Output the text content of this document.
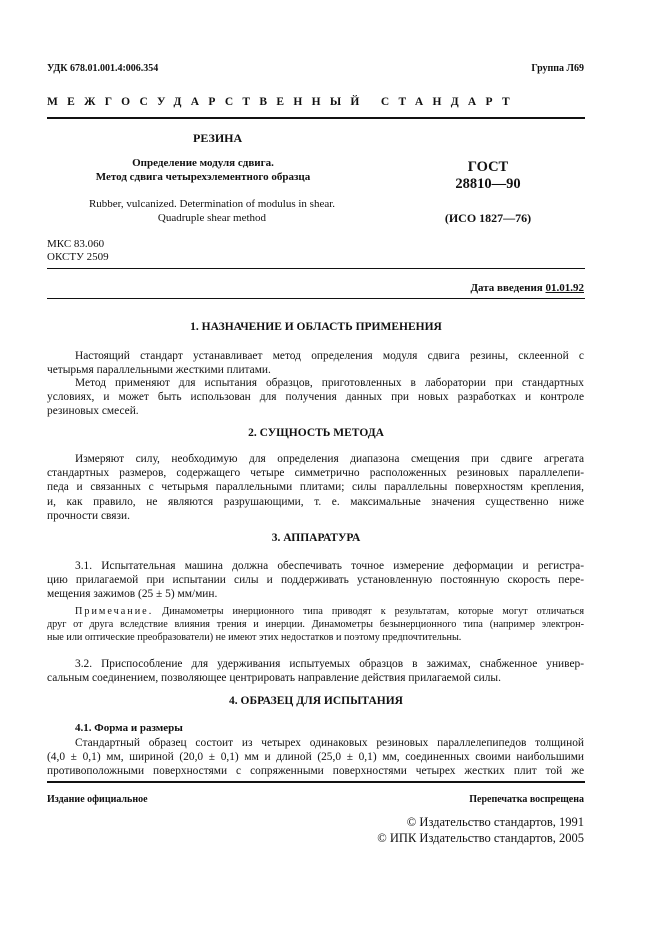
УДК 678.01.001.4:006.354	Группа Л69
МЕЖГОСУДАРСТВЕННЫЙ СТАНДАРТ
РЕЗИНА
Определение модуля сдвига.
Метод сдвига четырехэлементного образца
Rubber, vulcanized. Determination of modulus in shear.
Quadruple shear method
ГОСТ
28810—90
(ИСО 1827—76)
МКС 83.060
ОКСТУ 2509
Дата введения 01.01.92
1. НАЗНАЧЕНИЕ И ОБЛАСТЬ ПРИМЕНЕНИЯ
Настоящий стандарт устанавливает метод определения модуля сдвига резины, склеенной с
четырьмя параллельными жесткими плитами.
Метод применяют для испытания образцов, приготовленных в лаборатории при стандартных
условиях, и может быть использован для получения данных при новых разработках и контроле
резиновых смесей.
2. СУЩНОСТЬ МЕТОДА
Измеряют силу, необходимую для определения диапазона смещения при сдвиге агрегата
стандартных размеров, содержащего четыре симметрично расположенных резиновых параллелепи-
педа и связанных с четырьмя параллельными плитами; силы параллельны поверхностям крепления,
и, как правило, не являются разрушающими, т. е. максимальные значения существенно ниже
прочности связи.
3. АППАРАТУРА
3.1. Испытательная машина должна обеспечивать точное измерение деформации и регистра-
цию прилагаемой при испытании силы и поддерживать установленную постоянную скорость пере-
мещения зажимов (25 ± 5) мм/мин.
Примечание. Динамометры инерционного типа приводят к результатам, которые могут отличаться
друг от друга вследствие влияния трения и инерции. Динамометры безынерционного типа (например электрон-
ные или оптические преобразователи) не имеют этих недостатков и поэтому предпочтительны.
3.2. Приспособление для удерживания испытуемых образцов в зажимах, снабженное универ-
сальным соединением, позволяющее центрировать направление действия прилагаемой силы.
4. ОБРАЗЕЦ ДЛЯ ИСПЫТАНИЯ
4.1. Форма и размеры
Стандартный образец состоит из четырех одинаковых резиновых параллелепипедов толщиной
(4,0 ± 0,1) мм, шириной (20,0 ± 0,1) мм и длиной (25,0 ± 0,1) мм, соединенных своими наибольшими
противоположными поверхностями с сопряженными поверхностями четырех жестких плит той же
Издание официальное	Перепечатка воспрещена
© Издательство стандартов, 1991
© ИПК Издательство стандартов, 2005
